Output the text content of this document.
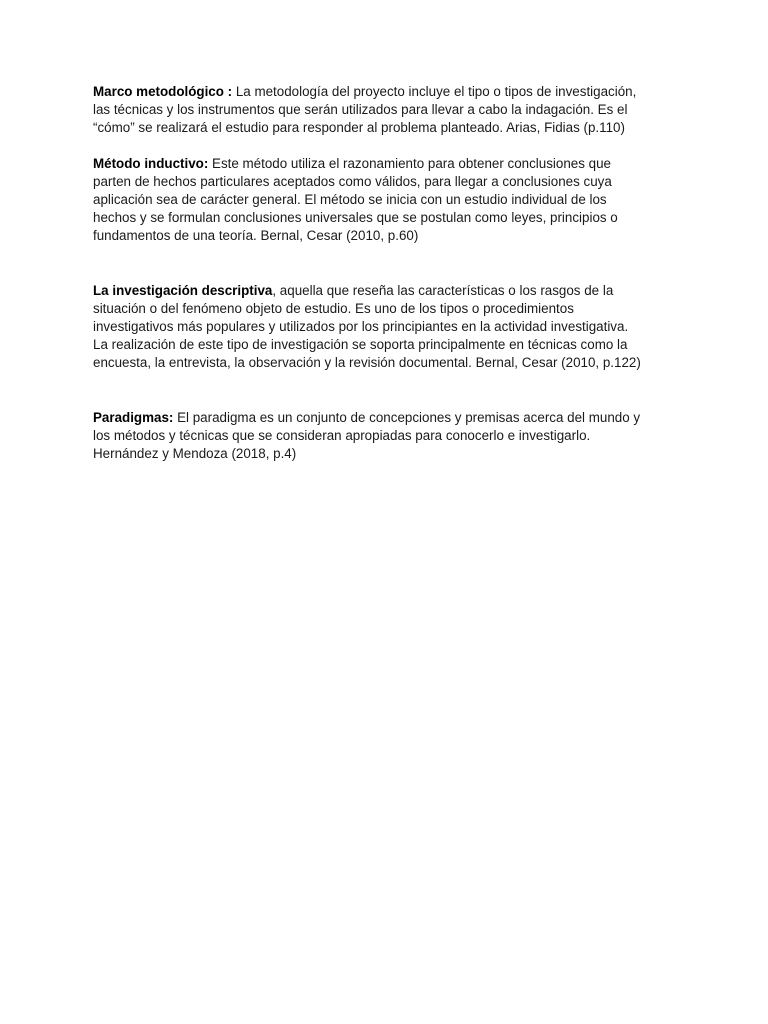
Marco metodológico : La metodología del proyecto incluye el tipo o tipos de investigación,
las técnicas y los instrumentos que serán utilizados para llevar a cabo la indagación. Es el
“cómo” se realizará el estudio para responder al problema planteado. Arias, Fidias (p.110)

Método inductivo: Este método utiliza el razonamiento para obtener conclusiones que
parten de hechos particulares aceptados como válidos, para llegar a conclusiones cuya
aplicación sea de carácter general. El método se inicia con un estudio individual de los
hechos y se formulan conclusiones universales que se postulan como leyes, principios o
fundamentos de una teoría. Bernal, Cesar (2010, p.60)

La investigación descriptiva, aquella que reseña las características o los rasgos de la
situación o del fenómeno objeto de estudio. Es uno de los tipos o procedimientos
investigativos más populares y utilizados por los principiantes en la actividad investigativa.
La realización de este tipo de investigación se soporta principalmente en técnicas como la
encuesta, la entrevista, la observación y la revisión documental. Bernal, Cesar (2010, p.122)

Paradigmas: El paradigma es un conjunto de concepciones y premisas acerca del mundo y
los métodos y técnicas que se consideran apropiadas para conocerlo e investigarlo.
Hernández y Mendoza (2018, p.4)
